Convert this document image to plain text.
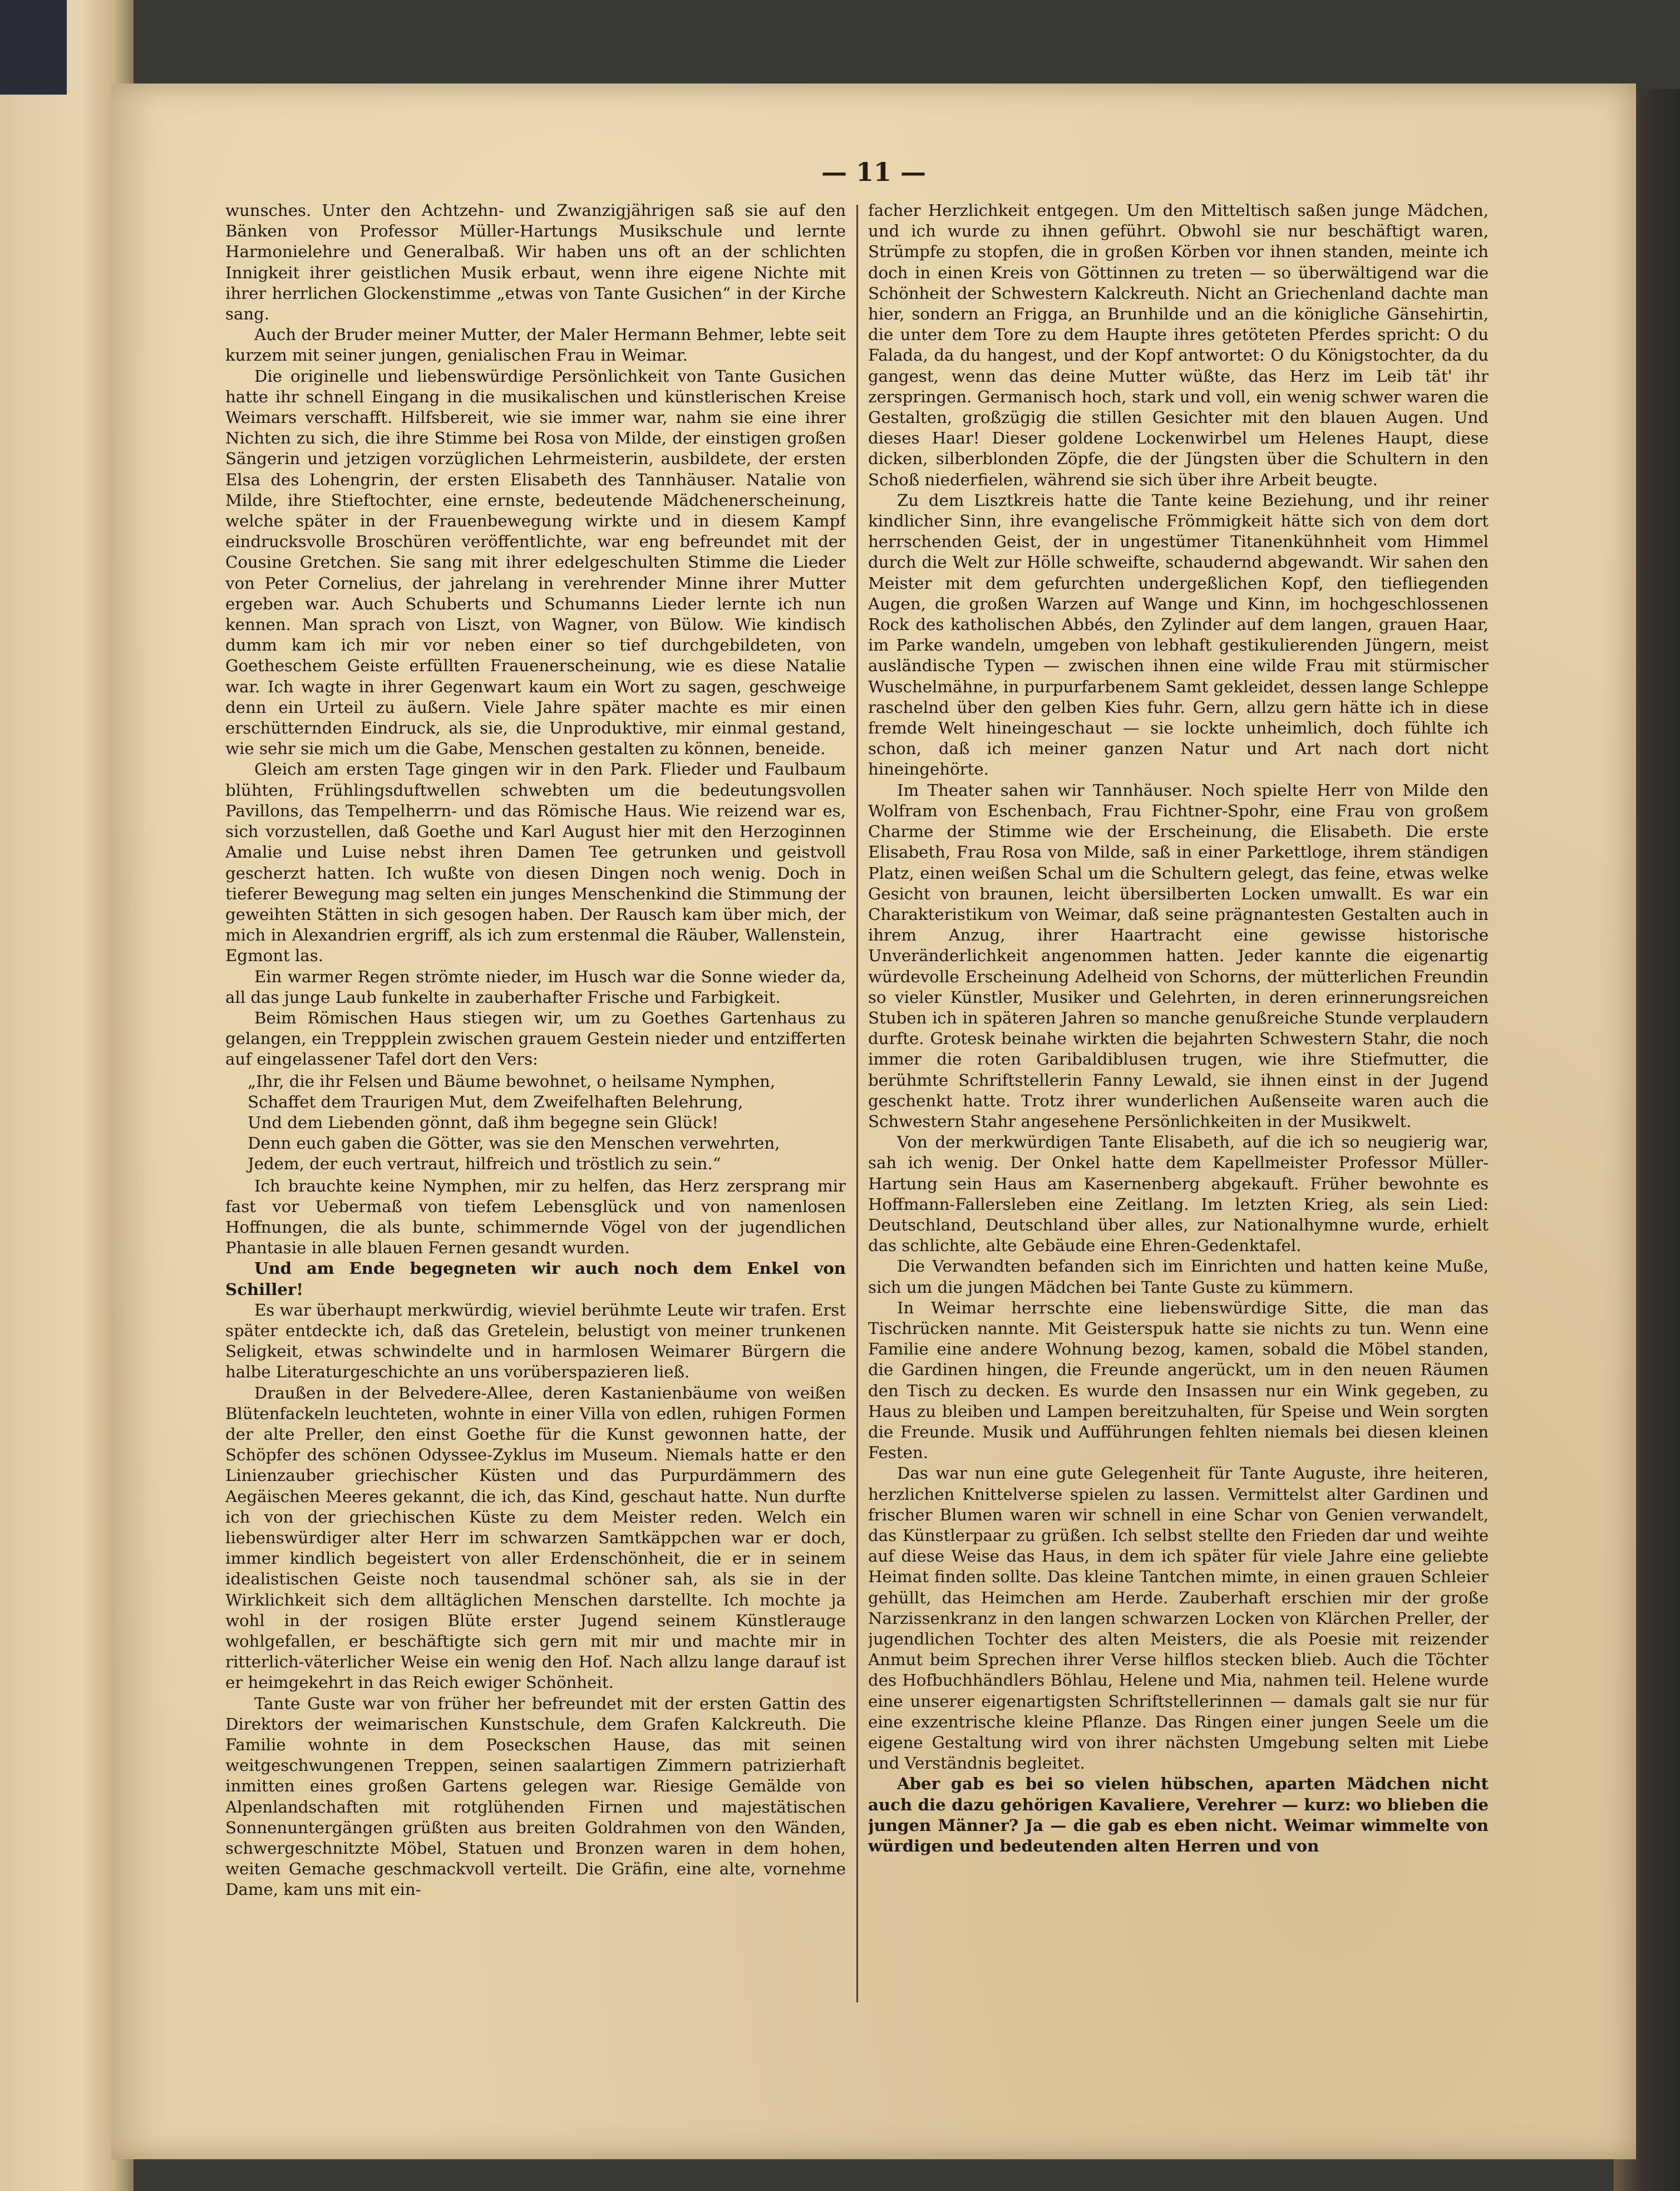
— 11 —

wunsches. Unter den Achtzehn- und Zwanzigjährigen saß sie auf den Bänken von Professor Müller-Hartungs Musikschule und lernte Harmonielehre und Generalbaß. Wir haben uns oft an der schlichten Innigkeit ihrer geistlichen Musik erbaut, wenn ihre eigene Nichte mit ihrer herrlichen Glockenstimme „etwas von Tante Gusichen“ in der Kirche sang.

Auch der Bruder meiner Mutter, der Maler Hermann Behmer, lebte seit kurzem mit seiner jungen, genialischen Frau in Weimar.

Die originelle und liebenswürdige Persönlichkeit von Tante Gusichen hatte ihr schnell Eingang in die musikalischen und künstlerischen Kreise Weimars verschafft. Hilfsbereit, wie sie immer war, nahm sie eine ihrer Nichten zu sich, die ihre Stimme bei Rosa von Milde, der einstigen großen Sängerin und jetzigen vorzüglichen Lehrmeisterin, ausbildete, der ersten Elsa des Lohengrin, der ersten Elisabeth des Tannhäuser. Natalie von Milde, ihre Stieftochter, eine ernste, bedeutende Mädchenerscheinung, welche später in der Frauenbewegung wirkte und in diesem Kampf eindrucksvolle Broschüren veröffentlichte, war eng befreundet mit der Cousine Gretchen. Sie sang mit ihrer edelgeschulten Stimme die Lieder von Peter Cornelius, der jahrelang in verehrender Minne ihrer Mutter ergeben war. Auch Schuberts und Schumanns Lieder lernte ich nun kennen. Man sprach von Liszt, von Wagner, von Bülow. Wie kindisch dumm kam ich mir vor neben einer so tief durchgebildeten, von Goetheschem Geiste erfüllten Frauenerscheinung, wie es diese Natalie war. Ich wagte in ihrer Gegenwart kaum ein Wort zu sagen, geschweige denn ein Urteil zu äußern. Viele Jahre später machte es mir einen erschütternden Eindruck, als sie, die Unproduktive, mir einmal gestand, wie sehr sie mich um die Gabe, Menschen gestalten zu können, beneide.

Gleich am ersten Tage gingen wir in den Park. Flieder und Faulbaum blühten, Frühlingsduftwellen schwebten um die bedeutungsvollen Pavillons, das Tempelherrn- und das Römische Haus. Wie reizend war es, sich vorzustellen, daß Goethe und Karl August hier mit den Herzoginnen Amalie und Luise nebst ihren Damen Tee getrunken und geistvoll gescherzt hatten. Ich wußte von diesen Dingen noch wenig. Doch in tieferer Bewegung mag selten ein junges Menschenkind die Stimmung der geweihten Stätten in sich gesogen haben. Der Rausch kam über mich, der mich in Alexandrien ergriff, als ich zum erstenmal die Räuber, Wallenstein, Egmont las.

Ein warmer Regen strömte nieder, im Husch war die Sonne wieder da, all das junge Laub funkelte in zauberhafter Frische und Farbigkeit.

Beim Römischen Haus stiegen wir, um zu Goethes Gartenhaus zu gelangen, ein Treppplein zwischen grauem Gestein nieder und entzifferten auf eingelassener Tafel dort den Vers:

„Ihr, die ihr Felsen und Bäume bewohnet, o heilsame Nymphen,
Schaffet dem Traurigen Mut, dem Zweifelhaften Belehrung,
Und dem Liebenden gönnt, daß ihm begegne sein Glück!
Denn euch gaben die Götter, was sie den Menschen verwehrten,
Jedem, der euch vertraut, hilfreich und tröstlich zu sein.“

Ich brauchte keine Nymphen, mir zu helfen, das Herz zersprang mir fast vor Uebermaß von tiefem Lebensglück und von namenlosen Hoffnungen, die als bunte, schimmernde Vögel von der jugendlichen Phantasie in alle blauen Fernen gesandt wurden.

Und am Ende begegneten wir auch noch dem Enkel von Schiller!

Es war überhaupt merkwürdig, wieviel berühmte Leute wir trafen. Erst später entdeckte ich, daß das Gretelein, belustigt von meiner trunkenen Seligkeit, etwas schwindelte und in harmlosen Weimarer Bürgern die halbe Literaturgeschichte an uns vorüberspazieren ließ.

Draußen in der Belvedere-Allee, deren Kastanienbäume von weißen Blütenfackeln leuchteten, wohnte in einer Villa von edlen, ruhigen Formen der alte Preller, den einst Goethe für die Kunst gewonnen hatte, der Schöpfer des schönen Odyssee-Zyklus im Museum. Niemals hatte er den Linienzauber griechischer Küsten und das Purpurdämmern des Aegäischen Meeres gekannt, die ich, das Kind, geschaut hatte. Nun durfte ich von der griechischen Küste zu dem Meister reden. Welch ein liebenswürdiger alter Herr im schwarzen Samtkäppchen war er doch, immer kindlich begeistert von aller Erdenschönheit, die er in seinem idealistischen Geiste noch tausendmal schöner sah, als sie in der Wirklichkeit sich dem alltäglichen Menschen darstellte. Ich mochte ja wohl in der rosigen Blüte erster Jugend seinem Künstlerauge wohlgefallen, er beschäftigte sich gern mit mir und machte mir in ritterlich-väterlicher Weise ein wenig den Hof. Nach allzu lange darauf ist er heimgekehrt in das Reich ewiger Schönheit.

Tante Guste war von früher her befreundet mit der ersten Gattin des Direktors der weimarischen Kunstschule, dem Grafen Kalckreuth. Die Familie wohnte in dem Poseckschen Hause, das mit seinen weitgeschwungenen Treppen, seinen saalartigen Zimmern patrizierhaft inmitten eines großen Gartens gelegen war. Riesige Gemälde von Alpenlandschaften mit rotglühenden Firnen und majestätischen Sonnenuntergängen grüßten aus breiten Goldrahmen von den Wänden, schwergeschnitzte Möbel, Statuen und Bronzen waren in dem hohen, weiten Gemache geschmackvoll verteilt. Die Gräfin, eine alte, vornehme Dame, kam uns mit ein-

facher Herzlichkeit entgegen. Um den Mitteltisch saßen junge Mädchen, und ich wurde zu ihnen geführt. Obwohl sie nur beschäftigt waren, Strümpfe zu stopfen, die in großen Körben vor ihnen standen, meinte ich doch in einen Kreis von Göttinnen zu treten — so überwältigend war die Schönheit der Schwestern Kalckreuth. Nicht an Griechenland dachte man hier, sondern an Frigga, an Brunhilde und an die königliche Gänsehirtin, die unter dem Tore zu dem Haupte ihres getöteten Pferdes spricht: O du Falada, da du hangest, und der Kopf antwortet: O du Königstochter, da du gangest, wenn das deine Mutter wüßte, das Herz im Leib tät' ihr zerspringen. Germanisch hoch, stark und voll, ein wenig schwer waren die Gestalten, großzügig die stillen Gesichter mit den blauen Augen. Und dieses Haar! Dieser goldene Lockenwirbel um Helenes Haupt, diese dicken, silberblonden Zöpfe, die der Jüngsten über die Schultern in den Schoß niederfielen, während sie sich über ihre Arbeit beugte.

Zu dem Lisztkreis hatte die Tante keine Beziehung, und ihr reiner kindlicher Sinn, ihre evangelische Frömmigkeit hätte sich von dem dort herrschenden Geist, der in ungestümer Titanenkühnheit vom Himmel durch die Welt zur Hölle schweifte, schaudernd abgewandt. Wir sahen den Meister mit dem gefurchten undergeßlichen Kopf, den tiefliegenden Augen, die großen Warzen auf Wange und Kinn, im hochgeschlossenen Rock des katholischen Abbés, den Zylinder auf dem langen, grauen Haar, im Parke wandeln, umgeben von lebhaft gestikulierenden Jüngern, meist ausländische Typen — zwischen ihnen eine wilde Frau mit stürmischer Wuschelmähne, in purpurfarbenem Samt gekleidet, dessen lange Schleppe raschelnd über den gelben Kies fuhr. Gern, allzu gern hätte ich in diese fremde Welt hineingeschaut — sie lockte unheimlich, doch fühlte ich schon, daß ich meiner ganzen Natur und Art nach dort nicht hineingehörte.

Im Theater sahen wir Tannhäuser. Noch spielte Herr von Milde den Wolfram von Eschenbach, Frau Fichtner-Spohr, eine Frau von großem Charme der Stimme wie der Erscheinung, die Elisabeth. Die erste Elisabeth, Frau Rosa von Milde, saß in einer Parkettloge, ihrem ständigen Platz, einen weißen Schal um die Schultern gelegt, das feine, etwas welke Gesicht von braunen, leicht übersilberten Locken umwallt. Es war ein Charakteristikum von Weimar, daß seine prägnantesten Gestalten auch in ihrem Anzug, ihrer Haartracht eine gewisse historische Unveränderlichkeit angenommen hatten. Jeder kannte die eigenartig würdevolle Erscheinung Adelheid von Schorns, der mütterlichen Freundin so vieler Künstler, Musiker und Gelehrten, in deren erinnerungsreichen Stuben ich in späteren Jahren so manche genußreiche Stunde verplaudern durfte. Grotesk beinahe wirkten die bejahrten Schwestern Stahr, die noch immer die roten Garibaldiblusen trugen, wie ihre Stiefmutter, die berühmte Schriftstellerin Fanny Lewald, sie ihnen einst in der Jugend geschenkt hatte. Trotz ihrer wunderlichen Außenseite waren auch die Schwestern Stahr angesehene Persönlichkeiten in der Musikwelt.

Von der merkwürdigen Tante Elisabeth, auf die ich so neugierig war, sah ich wenig. Der Onkel hatte dem Kapellmeister Professor Müller-Hartung sein Haus am Kasernenberg abgekauft. Früher bewohnte es Hoffmann-Fallersleben eine Zeitlang. Im letzten Krieg, als sein Lied: Deutschland, Deutschland über alles, zur Nationalhymne wurde, erhielt das schlichte, alte Gebäude eine Ehren-Gedenktafel.

Die Verwandten befanden sich im Einrichten und hatten keine Muße, sich um die jungen Mädchen bei Tante Guste zu kümmern.

In Weimar herrschte eine liebenswürdige Sitte, die man das Tischrücken nannte. Mit Geisterspuk hatte sie nichts zu tun. Wenn eine Familie eine andere Wohnung bezog, kamen, sobald die Möbel standen, die Gardinen hingen, die Freunde angerückt, um in den neuen Räumen den Tisch zu decken. Es wurde den Insassen nur ein Wink gegeben, zu Haus zu bleiben und Lampen bereitzuhalten, für Speise und Wein sorgten die Freunde. Musik und Aufführungen fehlten niemals bei diesen kleinen Festen.

Das war nun eine gute Gelegenheit für Tante Auguste, ihre heiteren, herzlichen Knittelverse spielen zu lassen. Vermittelst alter Gardinen und frischer Blumen waren wir schnell in eine Schar von Genien verwandelt, das Künstlerpaar zu grüßen. Ich selbst stellte den Frieden dar und weihte auf diese Weise das Haus, in dem ich später für viele Jahre eine geliebte Heimat finden sollte. Das kleine Tantchen mimte, in einen grauen Schleier gehüllt, das Heimchen am Herde. Zauberhaft erschien mir der große Narzissenkranz in den langen schwarzen Locken von Klärchen Preller, der jugendlichen Tochter des alten Meisters, die als Poesie mit reizender Anmut beim Sprechen ihrer Verse hilflos stecken blieb. Auch die Töchter des Hofbuchhändlers Böhlau, Helene und Mia, nahmen teil. Helene wurde eine unserer eigenartigsten Schriftstellerinnen — damals galt sie nur für eine exzentrische kleine Pflanze. Das Ringen einer jungen Seele um die eigene Gestaltung wird von ihrer nächsten Umgebung selten mit Liebe und Verständnis begleitet.

Aber gab es bei so vielen hübschen, aparten Mädchen nicht auch die dazu gehörigen Kavaliere, Verehrer — kurz: wo blieben die jungen Männer? Ja — die gab es eben nicht. Weimar wimmelte von würdigen und bedeutenden alten Herren und von
